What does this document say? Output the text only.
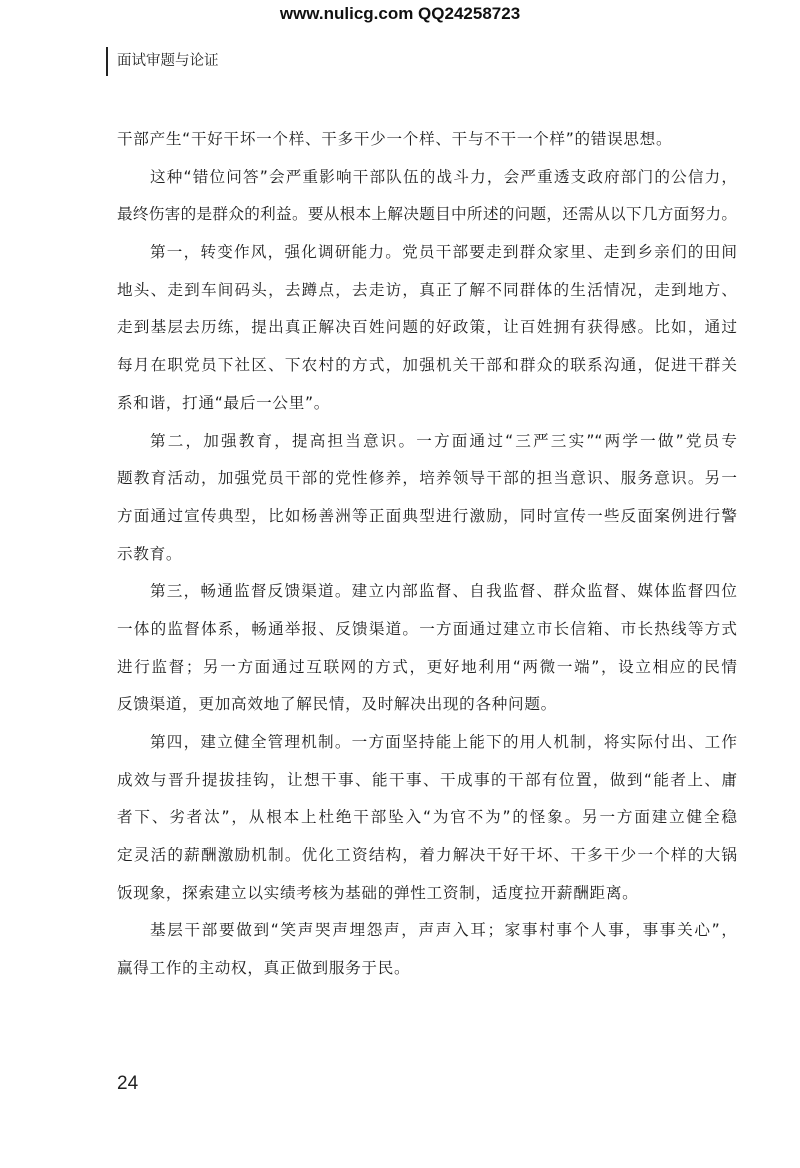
www.nulicg.com QQ24258723
面试审题与论证
干部产生“干好干坏一个样、干多干少一个样、干与不干一个样”的错误思想。
这种“错位问答”会严重影响干部队伍的战斗力，会严重透支政府部门的公信力，
最终伤害的是群众的利益。要从根本上解决题目中所述的问题，还需从以下几方面努力。
第一，转变作风，强化调研能力。党员干部要走到群众家里、走到乡亲们的田间
地头、走到车间码头，去蹲点，去走访，真正了解不同群体的生活情况，走到地方、
走到基层去历练，提出真正解决百姓问题的好政策，让百姓拥有获得感。比如，通过
每月在职党员下社区、下农村的方式，加强机关干部和群众的联系沟通，促进干群关
系和谐，打通“最后一公里”。
第二，加强教育，提高担当意识。一方面通过“三严三实”“两学一做”党员专
题教育活动，加强党员干部的党性修养，培养领导干部的担当意识、服务意识。另一
方面通过宣传典型，比如杨善洲等正面典型进行激励，同时宣传一些反面案例进行警
示教育。
第三，畅通监督反馈渠道。建立内部监督、自我监督、群众监督、媒体监督四位
一体的监督体系，畅通举报、反馈渠道。一方面通过建立市长信箱、市长热线等方式
进行监督；另一方面通过互联网的方式，更好地利用“两微一端”，设立相应的民情
反馈渠道，更加高效地了解民情，及时解决出现的各种问题。
第四，建立健全管理机制。一方面坚持能上能下的用人机制，将实际付出、工作
成效与晋升提拔挂钩，让想干事、能干事、干成事的干部有位置，做到“能者上、庸
者下、劣者汰”，从根本上杜绝干部坠入“为官不为”的怪象。另一方面建立健全稳
定灵活的薪酬激励机制。优化工资结构，着力解决干好干坏、干多干少一个样的大锅
饭现象，探索建立以实绩考核为基础的弹性工资制，适度拉开薪酬距离。
基层干部要做到“笑声哭声埋怨声，声声入耳；家事村事个人事，事事关心”，
赢得工作的主动权，真正做到服务于民。
24
